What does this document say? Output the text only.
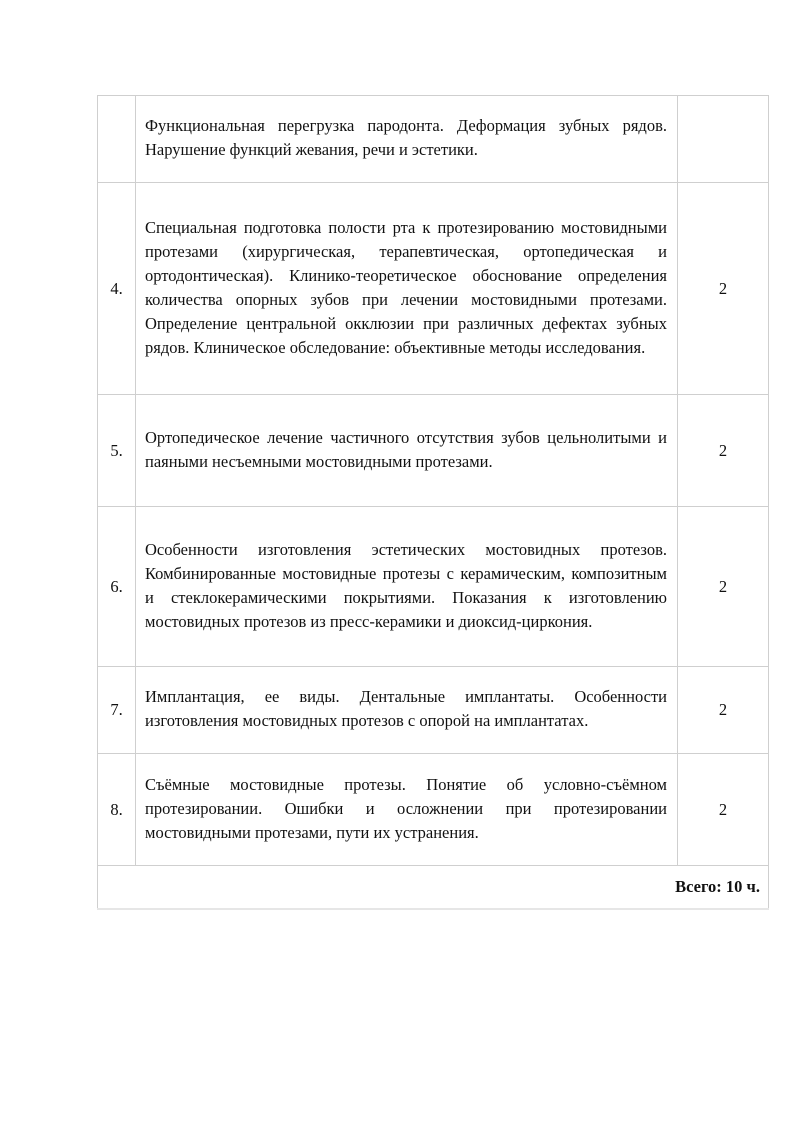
	Функциональная перегрузка пародонта. Деформация зубных рядов. Нарушение функций жевания, речи и эстетики.	
4.	Специальная подготовка полости рта к протезированию мостовидными протезами (хирургическая, терапевтическая, ортопедическая и ортодонтическая). Клинико-теоретическое обоснование определения количества опорных зубов при лечении мостовидными протезами. Определение центральной окклюзии при различных дефектах зубных рядов. Клиническое обследование: объективные методы исследования.	2
5.	Ортопедическое лечение частичного отсутствия зубов цельнолитыми и паяными несъемными мостовидными протезами.	2
6.	Особенности изготовления эстетических мостовидных протезов. Комбинированные мостовидные протезы с керамическим, композитным и стеклокерамическими покрытиями. Показания к изготовлению мостовидных протезов из пресс-керамики и диоксид-циркония.	2
7.	Имплантация, ее виды. Дентальные имплантаты. Особенности изготовления мостовидных протезов с опорой на имплантатах.	2
8.	Съёмные мостовидные протезы. Понятие об условно-съёмном протезировании. Ошибки и осложнении при протезировании мостовидными протезами, пути их устранения.	2
Всего: 10 ч.		
